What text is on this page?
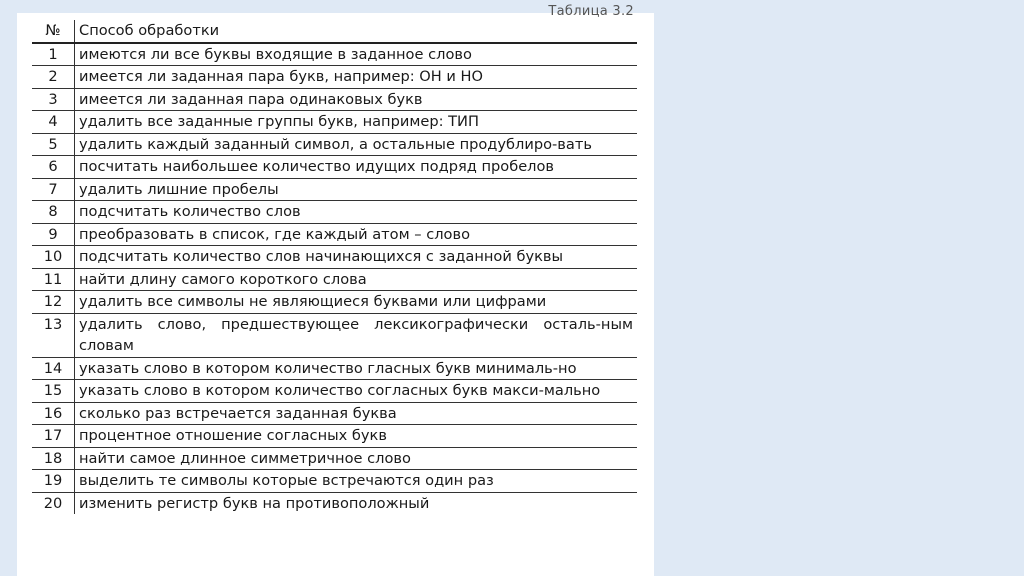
Таблица 3.2
№	Способ обработки
1	имеются ли все буквы входящие в заданное слово
2	имеется ли заданная пара букв, например: ОН и НО
3	имеется ли заданная пара одинаковых букв
4	удалить все заданные группы букв, например: ТИП
5	удалить каждый заданный символ, а остальные продублиро-вать
6	посчитать наибольшее количество идущих подряд пробелов
7	удалить лишние пробелы
8	подсчитать количество слов
9	преобразовать в список, где каждый атом – слово
10	подсчитать количество слов начинающихся с заданной буквы
11	найти длину самого короткого слова
12	удалить все символы не являющиеся буквами или цифрами
13	удалить слово, предшествующее лексикографически осталь-ным словам
14	указать слово в котором количество гласных букв минималь-но
15	указать слово в котором количество согласных букв макси-мально
16	сколько раз встречается заданная буква
17	процентное отношение согласных букв
18	найти самое длинное симметричное слово
19	выделить те символы которые встречаются один раз
20	изменить регистр букв на противоположный
